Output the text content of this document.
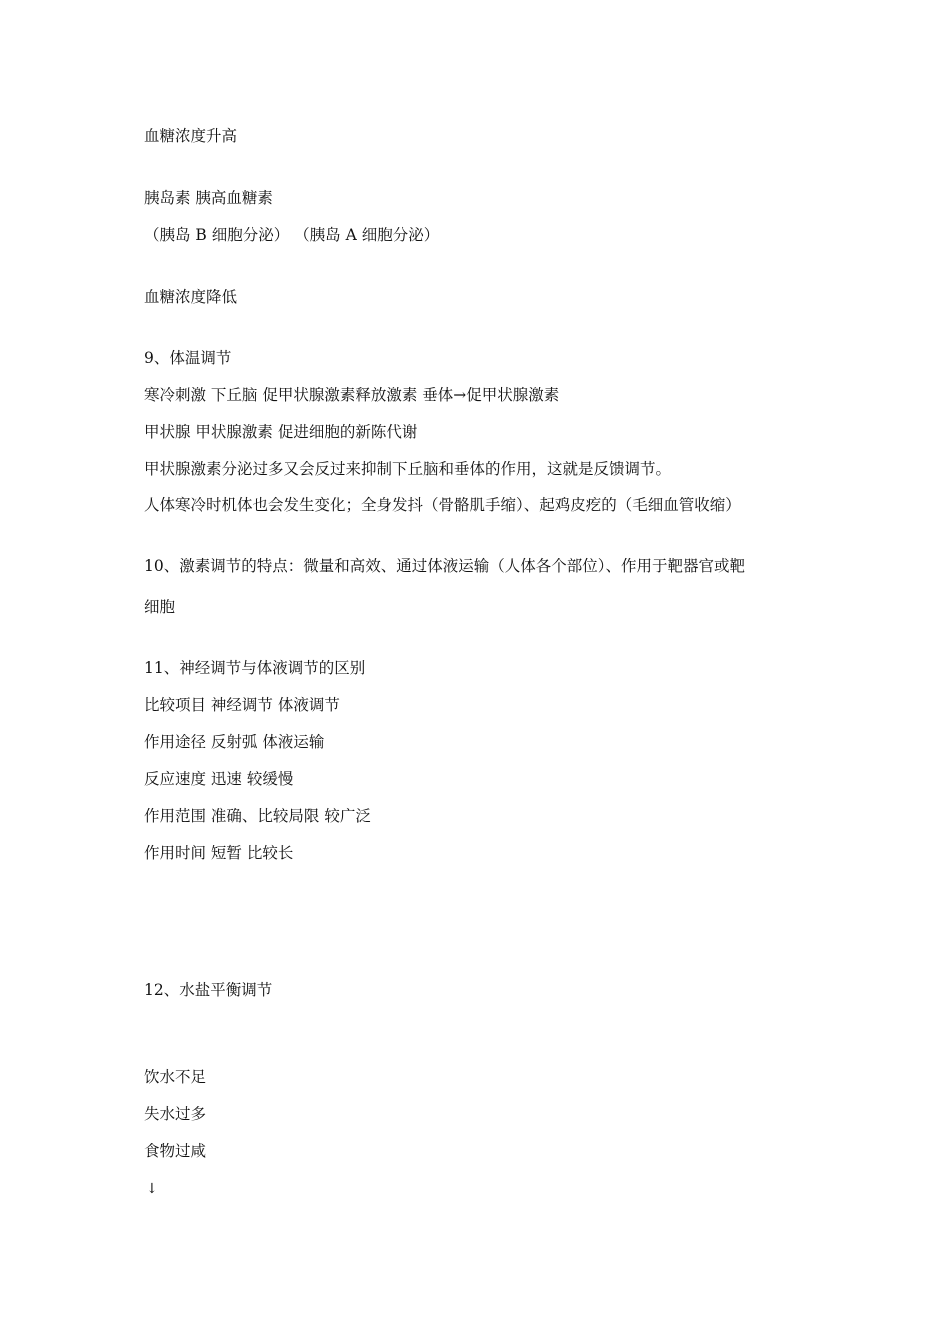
血糖浓度升高

胰岛素 胰高血糖素

（胰岛 B 细胞分泌） （胰岛 A 细胞分泌）

血糖浓度降低

9、体温调节

寒冷刺激 下丘脑 促甲状腺激素释放激素 垂体→促甲状腺激素

甲状腺 甲状腺激素 促进细胞的新陈代谢

甲状腺激素分泌过多又会反过来抑制下丘脑和垂体的作用，这就是反馈调节。

人体寒冷时机体也会发生变化；全身发抖（骨骼肌手缩）、起鸡皮疙的（毛细血管收缩）

10、激素调节的特点：微量和高效、通过体液运输（人体各个部位）、作用于靶器官或靶

细胞

11、神经调节与体液调节的区别

比较项目 神经调节 体液调节

作用途径 反射弧 体液运输

反应速度 迅速 较缓慢

作用范围 准确、比较局限 较广泛

作用时间 短暂 比较长

12、水盐平衡调节

饮水不足

失水过多

食物过咸

↓
